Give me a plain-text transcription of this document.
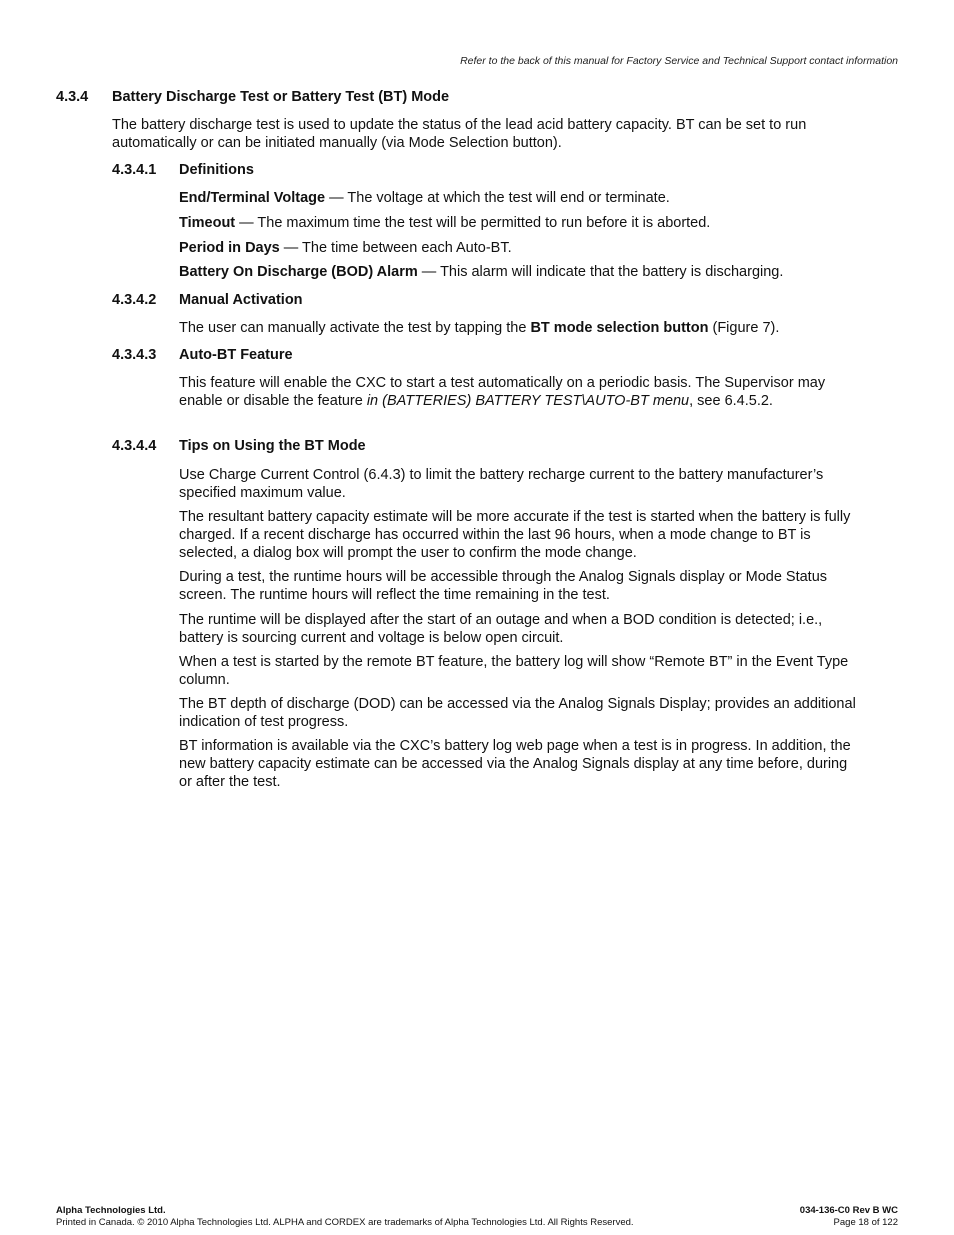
Refer to the back of this manual for Factory Service and Technical Support contact information
4.3.4 Battery Discharge Test or Battery Test (BT) Mode

The battery discharge test is used to update the status of the lead acid battery capacity. BT can be set to run automatically or can be initiated manually (via Mode Selection button).

4.3.4.1 Definitions

End/Terminal Voltage — The voltage at which the test will end or terminate.

Timeout — The maximum time the test will be permitted to run before it is aborted.

Period in Days — The time between each Auto-BT.

Battery On Discharge (BOD) Alarm — This alarm will indicate that the battery is discharging.

4.3.4.2 Manual Activation

The user can manually activate the test by tapping the BT mode selection button (Figure 7).

4.3.4.3 Auto-BT Feature

This feature will enable the CXC to start a test automatically on a periodic basis. The Supervisor may enable or disable the feature in (BATTERIES) BATTERY TEST\AUTO-BT menu, see 6.4.5.2.

4.3.4.4 Tips on Using the BT Mode

Use Charge Current Control (6.4.3) to limit the battery recharge current to the battery manufacturer’s specified maximum value.

The resultant battery capacity estimate will be more accurate if the test is started when the battery is fully charged. If a recent discharge has occurred within the last 96 hours, when a mode change to BT is selected, a dialog box will prompt the user to confirm the mode change.

During a test, the runtime hours will be accessible through the Analog Signals display or Mode Status screen. The runtime hours will reflect the time remaining in the test.

The runtime will be displayed after the start of an outage and when a BOD condition is detected; i.e., battery is sourcing current and voltage is below open circuit.

When a test is started by the remote BT feature, the battery log will show “Remote BT” in the Event Type column.

The BT depth of discharge (DOD) can be accessed via the Analog Signals Display; provides an additional indication of test progress.

BT information is available via the CXC’s battery log web page when a test is in progress. In addition, the new battery capacity estimate can be accessed via the Analog Signals display at any time before, during or after the test.

Alpha Technologies Ltd.	034-136-C0 Rev B WC
Printed in Canada. © 2010 Alpha Technologies Ltd. ALPHA and CORDEX are trademarks of Alpha Technologies Ltd. All Rights Reserved.	Page 18 of 122
